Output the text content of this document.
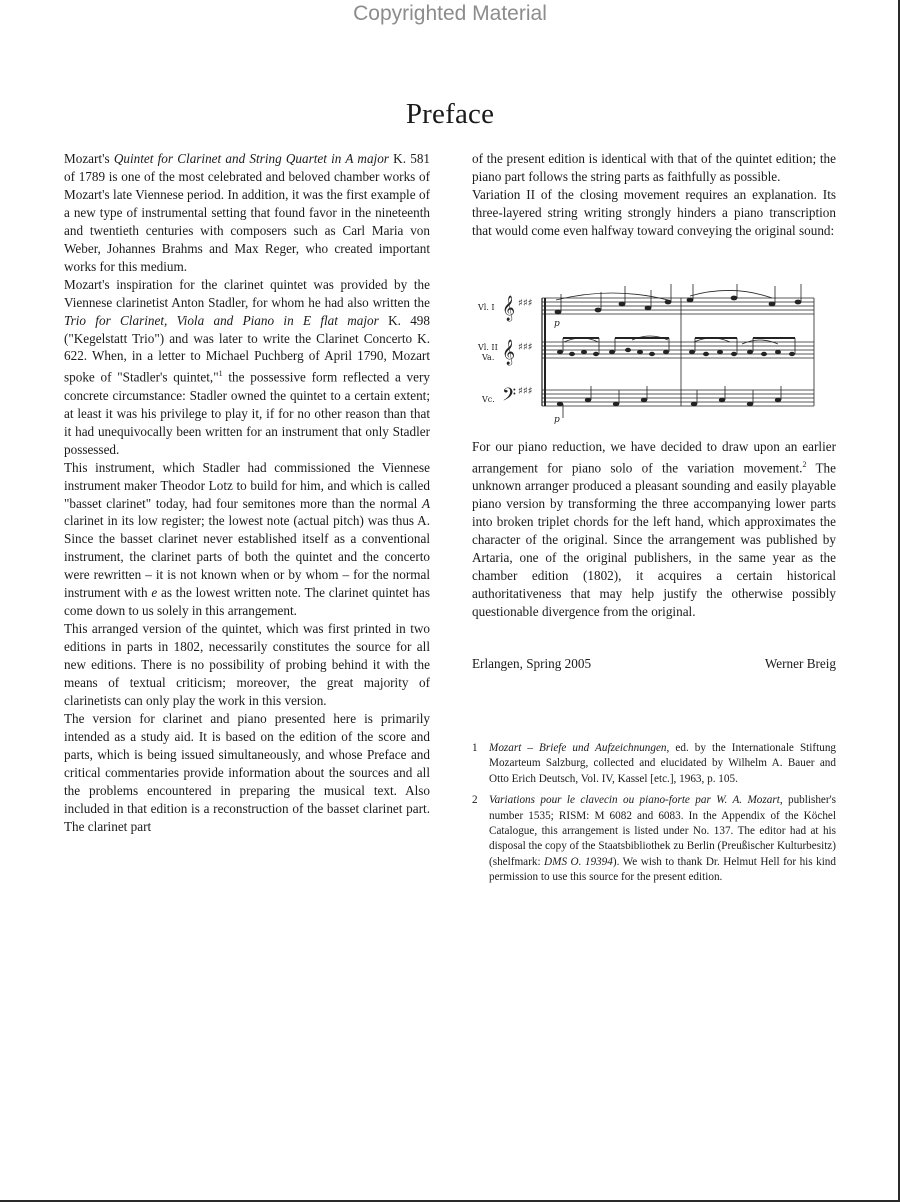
Copyrighted Material
Preface

Mozart's Quintet for Clarinet and String Quartet in A major K. 581 of 1789 is one of the most celebrated and beloved chamber works of Mozart's late Viennese period. In addition, it was the first example of a new type of instrumental setting that found favor in the nineteenth and twentieth centuries with composers such as Carl Maria von Weber, Johannes Brahms and Max Reger, who created important works for this medium.

Mozart's inspiration for the clarinet quintet was provided by the Viennese clarinetist Anton Stadler, for whom he had also written the Trio for Clarinet, Viola and Piano in E flat major K. 498 ("Kegelstatt Trio") and was later to write the Clarinet Concerto K. 622. When, in a letter to Michael Puchberg of April 1790, Mozart spoke of "Stadler's quintet,"$^1$ the possessive form reflected a very concrete circumstance: Stadler owned the quintet to a certain extent; at least it was his privilege to play it, if for no other reason than that it had unequivocally been written for an instrument that only Stadler possessed.

This instrument, which Stadler had commissioned the Viennese instrument maker Theodor Lotz to build for him, and which is called "basset clarinet" today, had four semitones more than the normal A clarinet in its low register; the lowest note (actual pitch) was thus A. Since the basset clarinet never established itself as a conventional instrument, the clarinet parts of both the quintet and the concerto were rewritten – it is not known when or by whom – for the normal instrument with e as the lowest written note. The clarinet quintet has come down to us solely in this arrangement.

This arranged version of the quintet, which was first printed in two editions in parts in 1802, necessarily constitutes the source for all new editions. There is no possibility of probing behind it with the means of textual criticism; moreover, the great majority of clarinetists can only play the work in this version.

The version for clarinet and piano presented here is primarily intended as a study aid. It is based on the edition of the score and parts, which is being issued simultaneously, and whose Preface and critical commentaries provide information about the sources and all the problems encountered in preparing the musical text. Also included in that edition is a reconstruction of the basset clarinet part. The clarinet part

of the present edition is identical with that of the quintet edition; the piano part follows the string parts as faithfully as possible.

Variation II of the closing movement requires an explanation. Its three-layered string writing strongly hinders a piano transcription that would come even halfway toward conveying the original sound:

Vl. I
Vl. II
Va.
Vc.
𝄞
𝄞
𝄢
♯♯♯
♯♯♯
♯♯♯
p
p

For our piano reduction, we have decided to draw upon an earlier arrangement for piano solo of the variation movement.$^2$ The unknown arranger produced a pleasant sounding and easily playable piano version by transforming the three accompanying lower parts into broken triplet chords for the left hand, which approximates the character of the original. Since the arrangement was published by Artaria, one of the original publishers, in the same year as the chamber edition (1802), it acquires a certain historical authoritativeness that may help justify the otherwise possibly questionable divergence from the original.

Erlangen, Spring 2005	Werner Breig
1	Mozart – Briefe und Aufzeichnungen, ed. by the Internationale Stiftung Mozarteum Salzburg, collected and elucidated by Wilhelm A. Bauer and Otto Erich Deutsch, Vol. IV, Kassel [etc.], 1963, p. 105.
2	Variations pour le clavecin ou piano-forte par W. A. Mozart, publisher's number 1535; RISM: M 6082 and 6083. In the Appendix of the Köchel Catalogue, this arrangement is listed under No. 137. The editor had at his disposal the copy of the Staatsbibliothek zu Berlin (Preußischer Kulturbesitz) (shelfmark: DMS O. 19394). We wish to thank Dr. Helmut Hell for his kind permission to use this source for the present edition.
